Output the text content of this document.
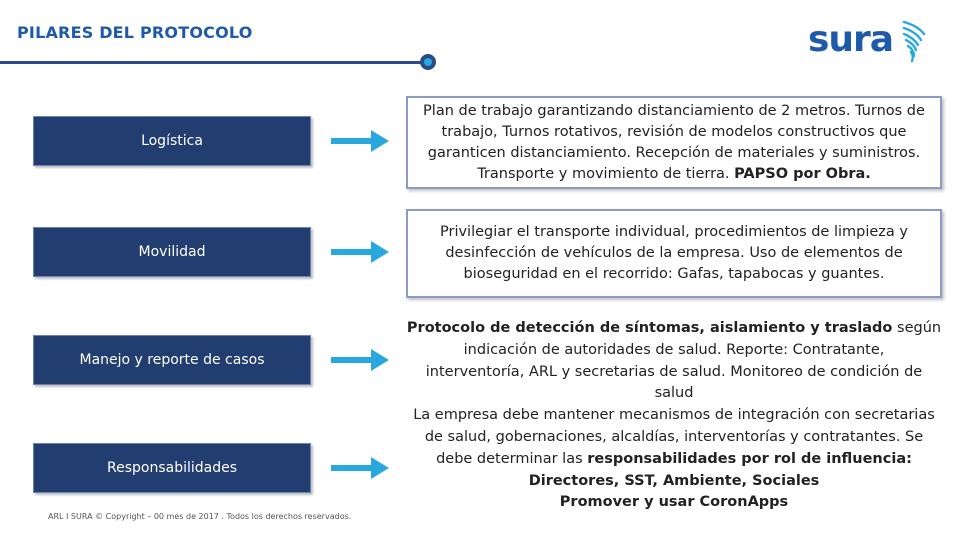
PILARES DEL PROTOCOLO	sura
Logística
Plan de trabajo garantizando distanciamiento de 2 metros. Turnos de
trabajo, Turnos rotativos, revisión de modelos constructivos que
garanticen distanciamiento. Recepción de materiales y suministros.
Transporte y movimiento de tierra. PAPSO por Obra.
Movilidad
Privilegiar el transporte individual, procedimientos de limpieza y
desinfección de vehículos de la empresa. Uso de elementos de
bioseguridad en el recorrido: Gafas, tapabocas y guantes.
Manejo y reporte de casos
Responsabilidades
Protocolo de detección de síntomas, aislamiento y traslado según
indicación de autoridades de salud. Reporte: Contratante,
interventoría, ARL y secretarias de salud. Monitoreo de condición de
salud
La empresa debe mantener mecanismos de integración con secretarias
de salud, gobernaciones, alcaldías, interventorías y contratantes. Se
debe determinar las responsabilidades por rol de influencia:
Directores, SST, Ambiente, Sociales
Promover y usar CoronApps
ARL I SURA © Copyright – 00 mes de 2017 . Todos los derechos reservados.
